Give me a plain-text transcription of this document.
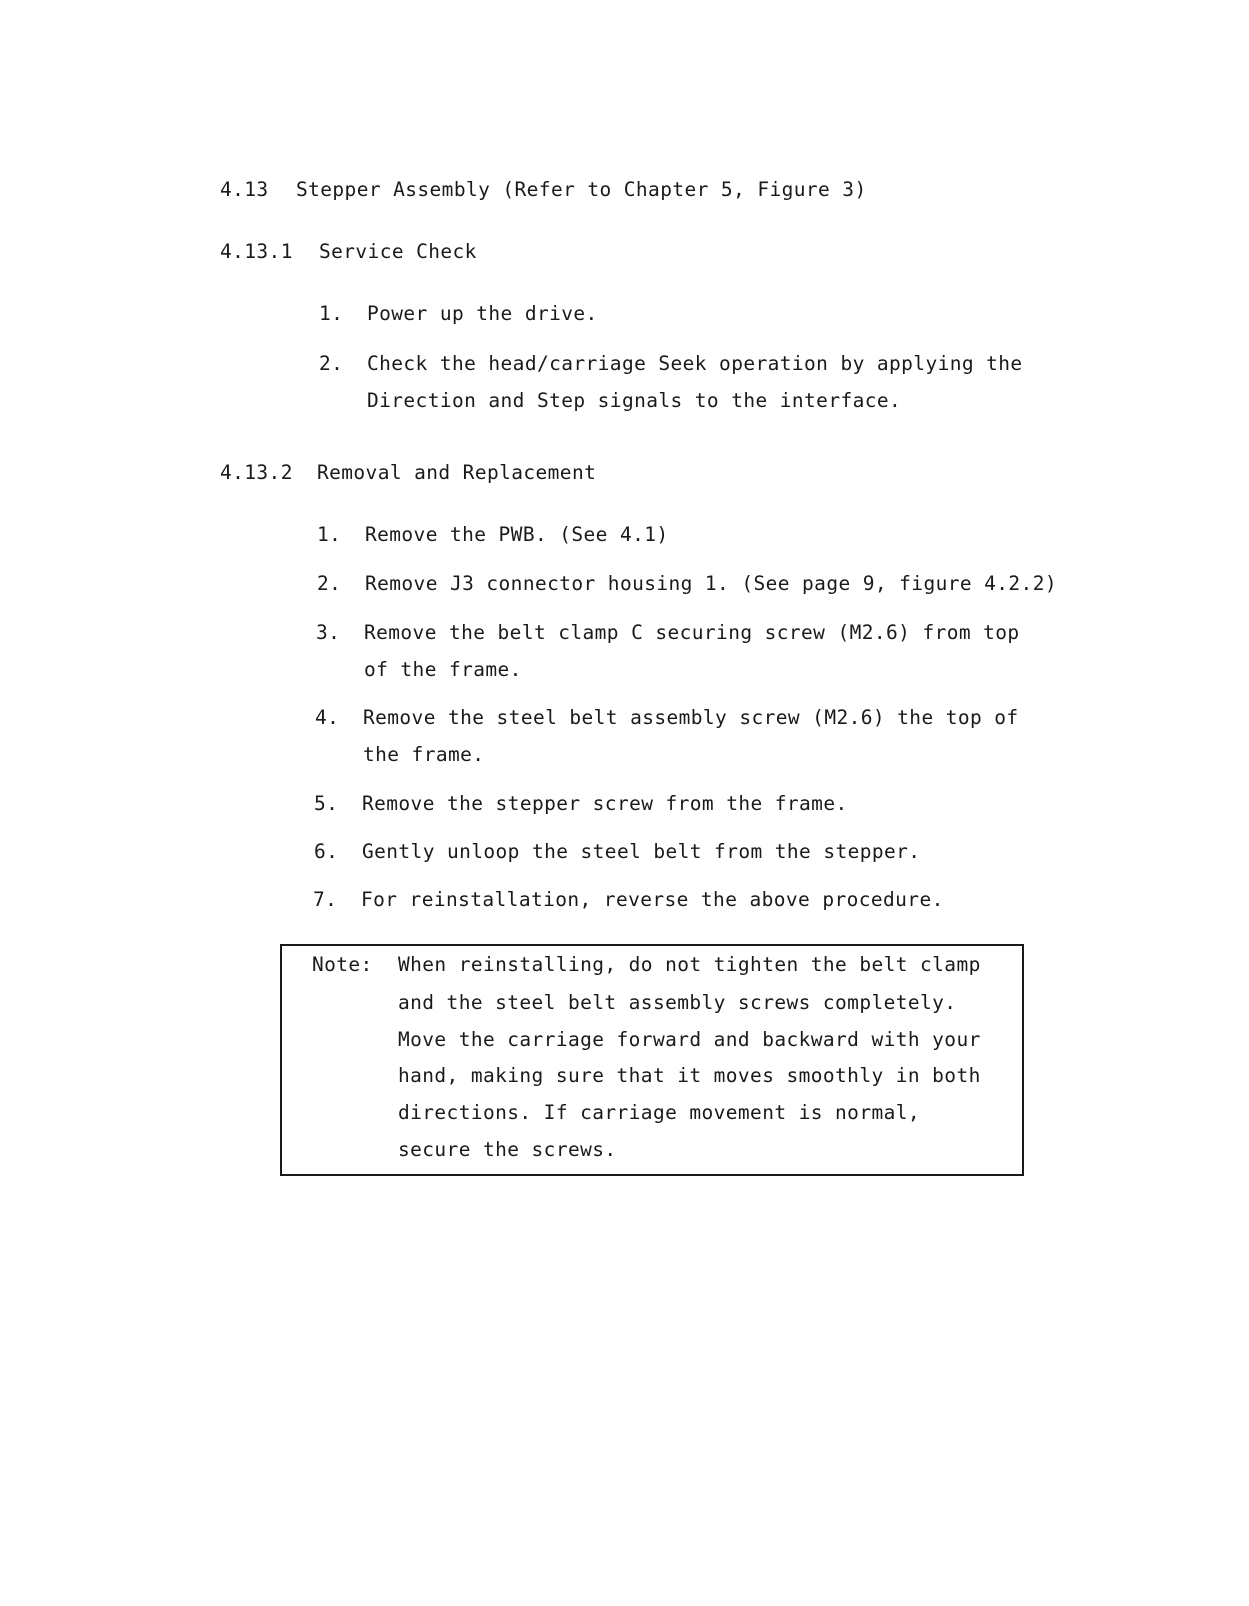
4.13 Stepper Assembly (Refer to Chapter 5, Figure 3)
4.13.1 Service Check
1. Power up the drive.
2. Check the head/carriage Seek operation by applying the
Direction and Step signals to the interface.
4.13.2 Removal and Replacement
1. Remove the PWB. (See 4.1)
2. Remove J3 connector housing 1. (See page 9, figure 4.2.2)
3. Remove the belt clamp C securing screw (M2.6) from top
of the frame.
4. Remove the steel belt assembly screw (M2.6) the top of
the frame.
5. Remove the stepper screw from the frame.
6. Gently unloop the steel belt from the stepper.
7. For reinstallation, reverse the above procedure.
Note: When reinstalling, do not tighten the belt clamp
and the steel belt assembly screws completely.
Move the carriage forward and backward with your
hand, making sure that it moves smoothly in both
directions. If carriage movement is normal,
secure the screws.
